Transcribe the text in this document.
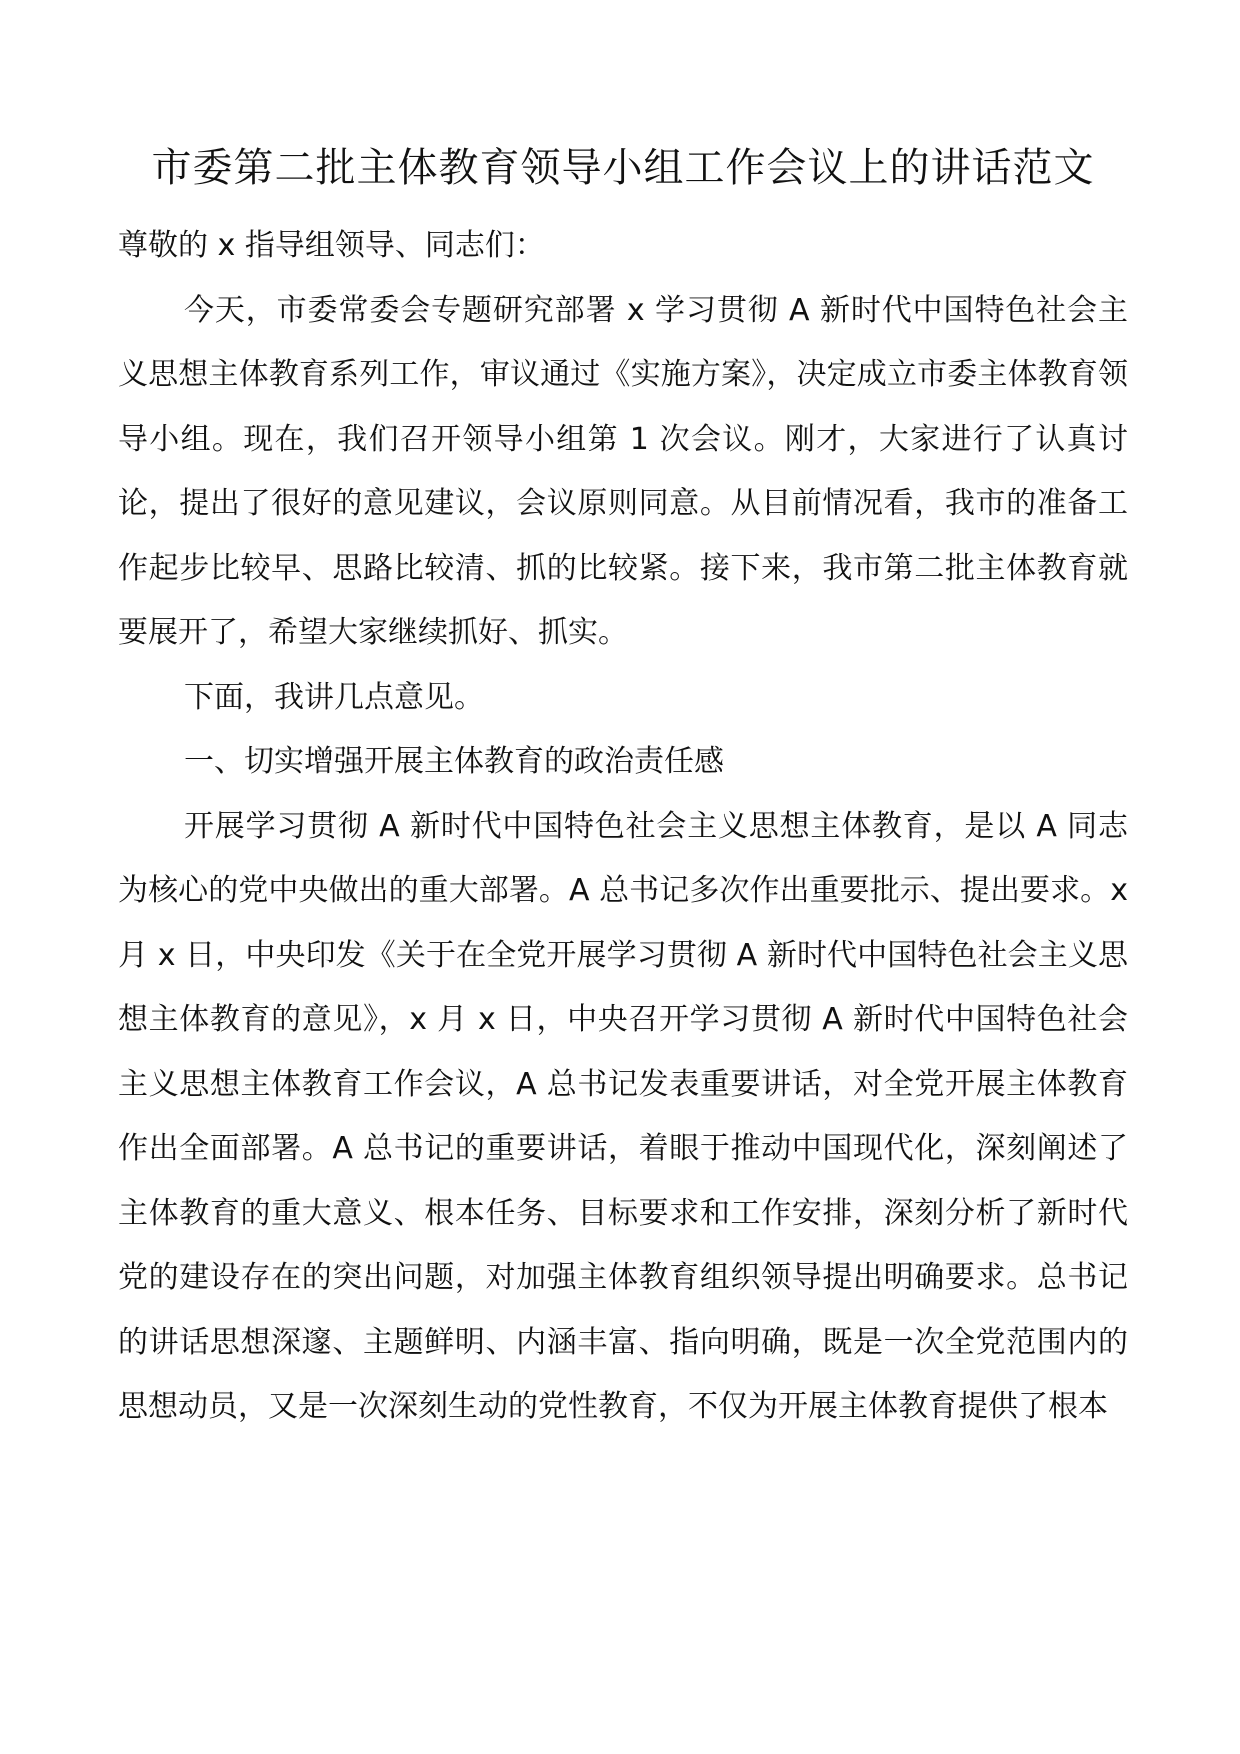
市委第二批主体教育领导小组工作会议上的讲话范文

尊敬的 x 指导组领导、同志们：

今天，市委常委会专题研究部署 x 学习贯彻 A 新时代中国特色社会主义思想主体教育系列工作，审议通过《实施方案》，决定成立市委主体教育领导小组。现在，我们召开领导小组第 1 次会议。刚才，大家进行了认真讨论，提出了很好的意见建议，会议原则同意。从目前情况看，我市的准备工作起步比较早、思路比较清、抓的比较紧。接下来，我市第二批主体教育就要展开了，希望大家继续抓好、抓实。

下面，我讲几点意见。

一、切实增强开展主体教育的政治责任感

开展学习贯彻 A 新时代中国特色社会主义思想主体教育，是以 A 同志为核心的党中央做出的重大部署。A 总书记多次作出重要批示、提出要求。x 月 x 日，中央印发《关于在全党开展学习贯彻 A 新时代中国特色社会主义思想主体教育的意见》，x 月 x 日，中央召开学习贯彻 A 新时代中国特色社会主义思想主体教育工作会议，A 总书记发表重要讲话，对全党开展主体教育作出全面部署。A 总书记的重要讲话，着眼于推动中国现代化，深刻阐述了主体教育的重大意义、根本任务、目标要求和工作安排，深刻分析了新时代党的建设存在的突出问题，对加强主体教育组织领导提出明确要求。总书记的讲话思想深邃、主题鲜明、内涵丰富、指向明确，既是一次全党范围内的思想动员，又是一次深刻生动的党性教育，不仅为开展主体教育提供了根本
